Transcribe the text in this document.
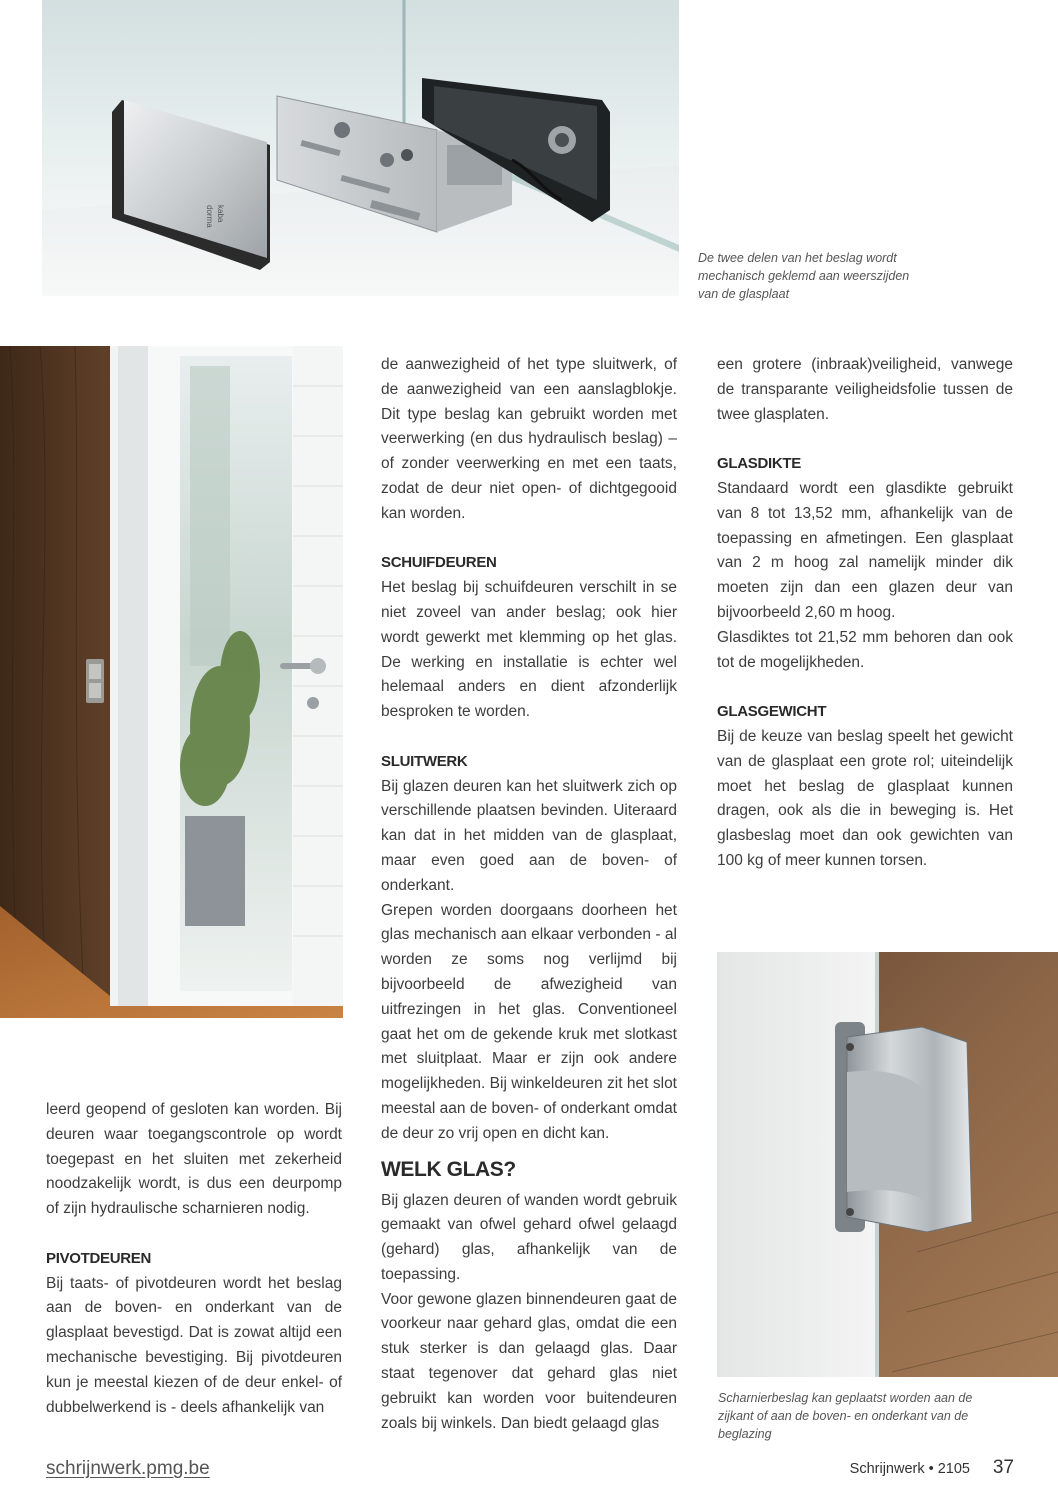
dorma kaba
De twee delen van het beslag wordt mechanisch geklemd aan weerszijden van de glasplaat
Scharnierbeslag kan geplaatst worden aan de zijkant of aan de boven- en onderkant van de beglazing

de aanwezigheid of het type sluitwerk, of de aanwezigheid van een aanslagblokje. Dit type beslag kan gebruikt worden met veerwerking (en dus hydraulisch beslag) – of zonder veerwerking en met een taats, zodat de deur niet open- of dichtgegooid kan worden.

SCHUIFDEUREN

Het beslag bij schuifdeuren verschilt in se niet zoveel van ander beslag; ook hier wordt gewerkt met klemming op het glas. De werking en installatie is echter wel helemaal anders en dient afzonderlijk besproken te worden.

SLUITWERK

Bij glazen deuren kan het sluitwerk zich op verschillende plaatsen bevinden. Uiteraard kan dat in het midden van de glasplaat, maar even goed aan de boven- of onderkant.

Grepen worden doorgaans doorheen het glas mechanisch aan elkaar verbonden - al worden ze soms nog verlijmd bij bijvoorbeeld de afwezigheid van uitfrezingen in het glas. Conventioneel gaat het om de gekende kruk met slotkast met sluitplaat. Maar er zijn ook andere mogelijkheden. Bij winkeldeuren zit het slot meestal aan de boven- of onderkant omdat de deur zo vrij open en dicht kan.

WELK GLAS?

Bij glazen deuren of wanden wordt gebruik gemaakt van ofwel gehard ofwel gelaagd (gehard) glas, afhankelijk van de toepassing.

Voor gewone glazen binnendeuren gaat de voorkeur naar gehard glas, omdat die een stuk sterker is dan gelaagd glas. Daar staat tegenover dat gehard glas niet gebruikt kan worden voor buitendeuren zoals bij winkels. Dan biedt gelaagd glas

een grotere (inbraak)veiligheid, vanwege de transparante veiligheidsfolie tussen de twee glasplaten.

GLASDIKTE

Standaard wordt een glasdikte gebruikt van 8 tot 13,52 mm, afhankelijk van de toepassing en afmetingen. Een glasplaat van 2 m hoog zal namelijk minder dik moeten zijn dan een glazen deur van bijvoorbeeld 2,60 m hoog.

Glasdiktes tot 21,52 mm behoren dan ook tot de mogelijkheden.

GLASGEWICHT

Bij de keuze van beslag speelt het gewicht van de glasplaat een grote rol; uiteindelijk moet het beslag de glasplaat kunnen dragen, ook als die in beweging is. Het glasbeslag moet dan ook gewichten van 100 kg of meer kunnen torsen.

leerd geopend of gesloten kan worden. Bij deuren waar toegangscontrole op wordt toegepast en het sluiten met zekerheid noodzakelijk wordt, is dus een deurpomp of zijn hydraulische scharnieren nodig.

PIVOTDEUREN

Bij taats- of pivotdeuren wordt het beslag aan de boven- en onderkant van de glasplaat bevestigd. Dat is zowat altijd een mechanische bevestiging. Bij pivotdeuren kun je meestal kiezen of de deur enkel- of dubbelwerkend is - deels afhankelijk van

schrijnwerk.pmg.be	Schrijnwerk • 2105 37
